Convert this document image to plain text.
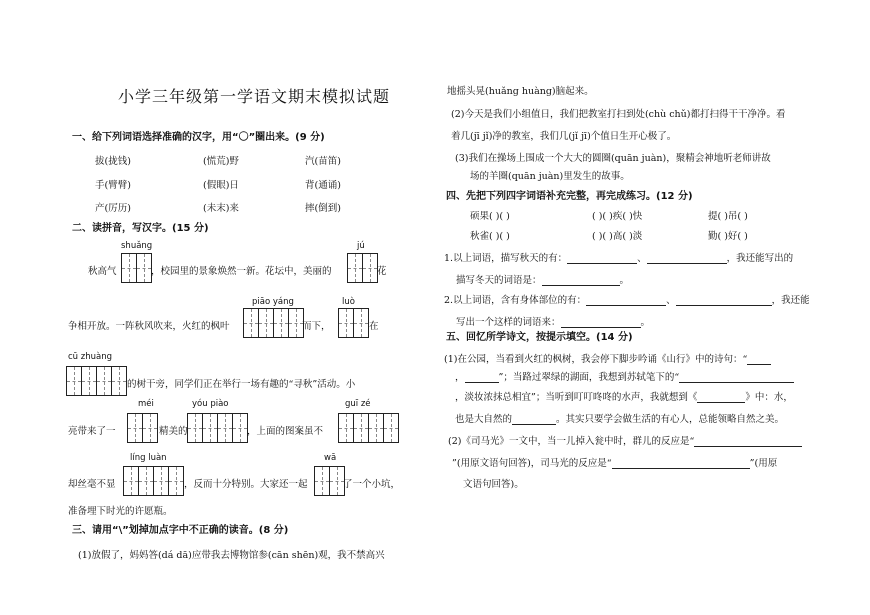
小学三年级第一学语文期末模拟试题
一、给下列词语选择准确的汉字，用“〇”圈出来。(9 分)
拔(拢钱)	(慌荒)野	汽(苗笛)
手(臂臂)	(假眼)日	背(通诵)
产(厉历)	(未末)来	摔(倒到)
二、读拼音，写汉字。(15 分)
shuǎng	jú
秋高气	，校园里的景象焕然一新。花坛中，美丽的	花
piāo yáng	luò
争相开放。一阵秋风吹来，火红的枫叶	而下，	在
cū zhuàng
的树干旁，同学们正在举行一场有趣的“寻秋”活动。小
méi	yóu piào	guī zé
亮带来了一	精美的	，上面的图案虽不
líng luàn	wā
却丝毫不显	，反而十分特别。大家还一起	了一个小坑，
准备埋下时光的许愿瓶。
三、请用“\”划掉加点字中不正确的读音。(8 分)
(1)放假了，妈妈答(dá dā)应带我去博物馆参(cān shēn)观，我不禁高兴
地摇头晃(huǎng huàng)脑起来。
(2)今天是我们小组值日，我们把教室打扫到处(chù chǔ)都打扫得干干净净。看
着几(jī jǐ)净的教室，我们几(jǐ jī)个值日生开心极了。
(3)我们在操场上围成一个大大的圆圈(quān juàn)，聚精会神地听老师讲故
场的羊圈(quān juàn)里发生的故事。
四、先把下列四字词语补充完整，再完成练习。(12 分)
硕果( )( )	( )( )疾( )快	提( )吊( )
秋雀( )( )	( )( )高( )淡	勤( )好( )
1.以上词语，描写秋天的有：	、	，我还能写出的
描写冬天的词语是：	。
2.以上词语，含有身体部位的有：	、	，我还能
写出一个这样的词语来：	。
五、回忆所学诗文，按提示填空。(14 分)
(1)在公园，当看到火红的枫树，我会停下脚步吟诵《山行》中的诗句：“
，	”；当路过翠绿的湖面，我想到苏轼笔下的“
，淡妆浓抹总相宜”；当听到叮叮咚咚的水声，我就想到《	》中：水，
也是大自然的	。其实只要学会做生活的有心人，总能领略自然之美。
(2)《司马光》一文中，当一儿掉入瓮中时，群儿的反应是“
”(用原文语句回答)，司马光的反应是“	”(用原
文语句回答)。
